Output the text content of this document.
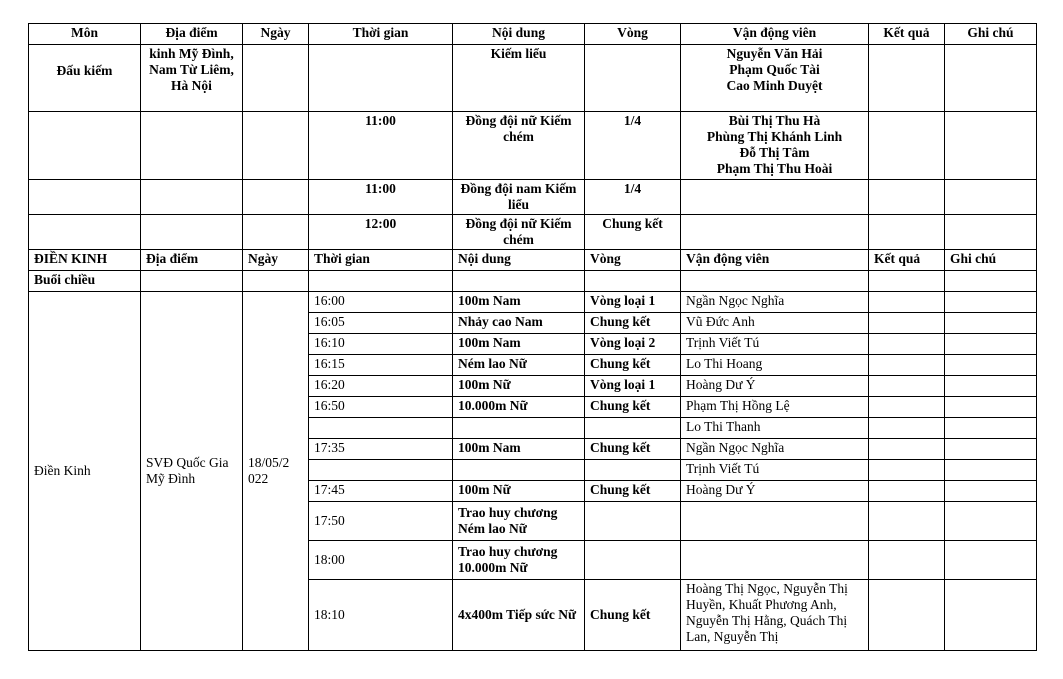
Môn	Địa điểm	Ngày	Thời gian	Nội dung	Vòng	Vận động viên	Kết quả	Ghi chú
Đấu kiếm	kinh Mỹ Đình, Nam Từ Liêm, Hà Nội			Kiếm liểu		Nguyễn Văn Hải
Phạm Quốc Tài
Cao Minh Duyệt		

			11:00	Đồng đội nữ Kiếm chém	1/4	Bùi Thị Thu Hà
Phùng Thị Khánh Linh
Đỗ Thị Tâm
Phạm Thị Thu Hoài		

			11:00	Đồng đội nam Kiếm liểu	1/4			
			12:00	Đồng đội nữ Kiếm chém	Chung kết			
ĐIỀN KINH	Địa điểm	Ngày	Thời gian	Nội dung	Vòng	Vận động viên	Kết quả	Ghi chú
Buổi chiều								
Điền Kinh	SVĐ Quốc Gia Mỹ Đình	18/05/2 022	16:00	100m Nam	Vòng loại 1	Ngần Ngọc Nghĩa		
			16:05	Nhảy cao Nam	Chung kết	Vũ Đức Anh		
			16:10	100m Nam	Vòng loại 2	Trịnh Viết Tú		
			16:15	Ném lao Nữ	Chung kết	Lo Thi Hoang		
			16:20	100m Nữ	Vòng loại 1	Hoàng Dư Ý		
			16:50	10.000m Nữ	Chung kết	Phạm Thị Hồng Lệ		
						Lo Thi Thanh		
			17:35	100m Nam	Chung kết	Ngần Ngọc Nghĩa		
						Trịnh Viết Tú		
			17:45	100m Nữ	Chung kết	Hoàng Dư Ý		
			17:50	Trao huy chương Ném lao Nữ				
			18:00	Trao huy chương 10.000m Nữ				
			18:10	4x400m Tiếp sức Nữ	Chung kết	Hoàng Thị Ngọc, Nguyễn Thị Huyền, Khuất Phương Anh, Nguyễn Thị Hằng, Quách Thị Lan, Nguyễn Thị		
